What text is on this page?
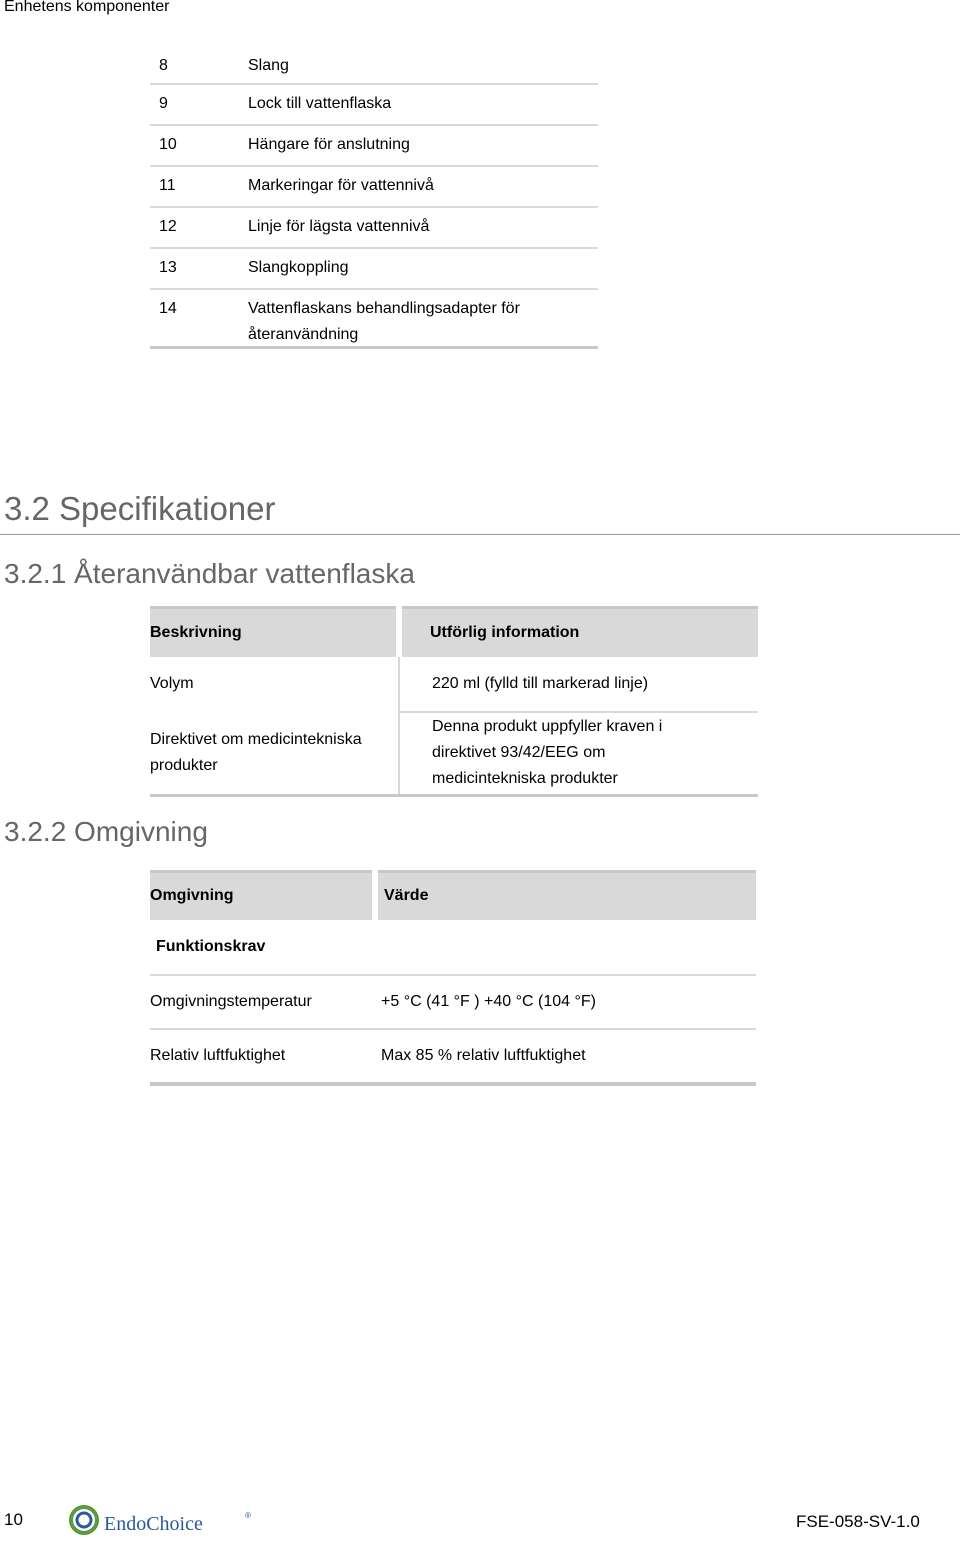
Enhetens komponenter
8	Slang
9	Lock till vattenflaska
10	Hängare för anslutning
11	Markeringar för vattennivå
12	Linje för lägsta vattennivå
13	Slangkoppling
14	Vattenflaskans behandlingsadapter för återanvändning
3.2 Specifikationer
3.2.1 Återanvändbar vattenflaska
Beskrivning	Utförlig information
Volym	220 ml (fylld till markerad linje)
Direktivet om medicintekniska produkter	Denna produkt uppfyller kraven i direktivet 93/42/EEG om medicintekniska produkter
3.2.2 Omgivning
Omgivning	Värde
Funktionskrav	
Omgivningstemperatur	+5 °C (41 °F ) +40 °C (104 °F)
Relativ luftfuktighet	Max 85 % relativ luftfuktighet
10	EndoChoice	®	FSE-058-SV-1.0
